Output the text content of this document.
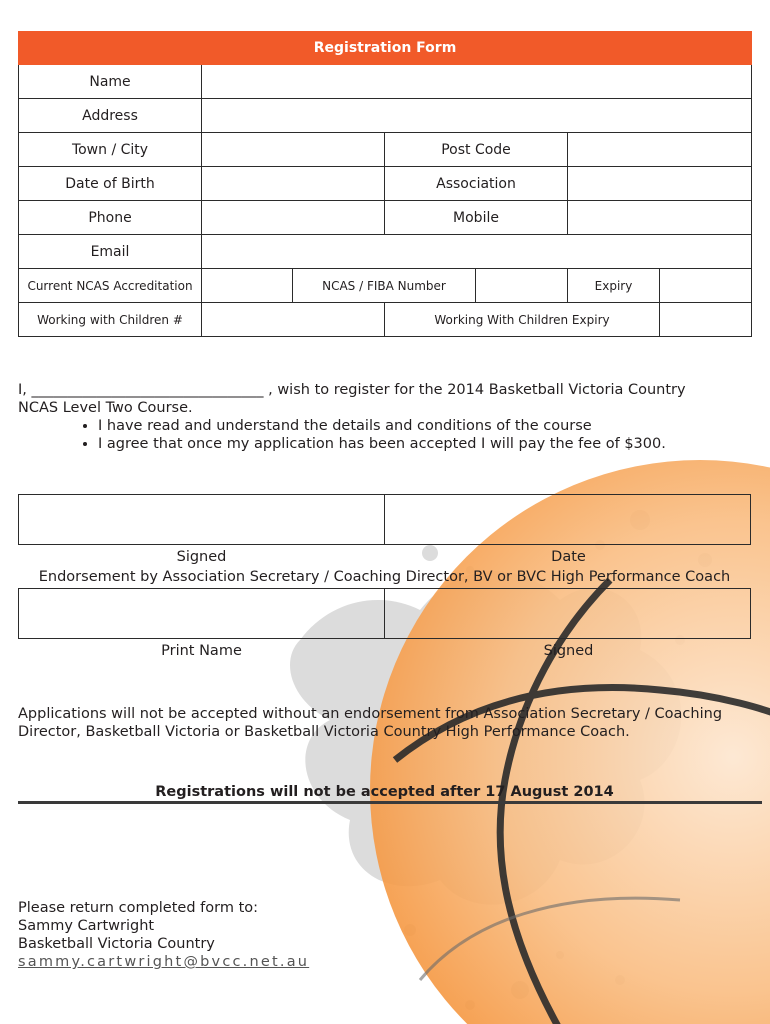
Registration Form						
Name						
Address						
Town / City			Post Code			
Date of Birth			Association			
Phone			Mobile			
Email						
Current NCAS Accreditation		NCAS / FIBA Number			Expiry	
Working with Children #			Working With Children Expiry			

I, ________________________________ , wish to register for the 2014 Basketball Victoria Country

NCAS Level Two Course.

• I have read and understand the details and conditions of the course
• I agree that once my application has been accepted I will pay the fee of $300.
Signed	Date
Endorsement by Association Secretary / Coaching Director, BV or BVC High Performance Coach
Print Name	Signed

Applications will not be accepted without an endorsement from Association Secretary / Coaching Director, Basketball Victoria or Basketball Victoria Country High Performance Coach.

Registrations will not be accepted after 17 August 2014
Please return completed form to:
Sammy Cartwright
Basketball Victoria Country
sammy.cartwright@bvcc.net.au
